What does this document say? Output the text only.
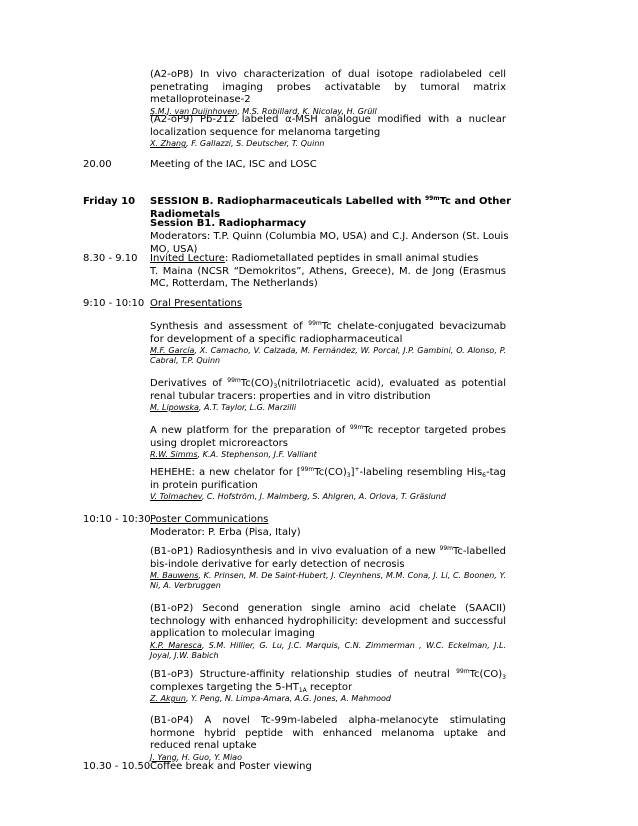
(A2-oP8) In vivo characterization of dual isotope radiolabeled cell penetrating imaging probes activatable by tumoral matrix metalloproteinase-2
S.M.J. van Duijnhoven, M.S. Robillard, K. Nicolay, H. Grüll
(A2-oP9) Pb-212 labeled α-MSH analogue modified with a nuclear localization sequence for melanoma targeting
X. Zhang, F. Gallazzi, S. Deutscher, T. Quinn
20.00	Meeting of the IAC, ISC and LOSC
Friday 10 SESSION B. Radiopharmaceuticals Labelled with $^{99m}$Tc and Other Radiometals
Session B1. Radiopharmacy
Moderators: T.P. Quinn (Columbia MO, USA) and C.J. Anderson (St. Louis MO, USA)
8.30 - 9.10 Invited Lecture: Radiometallated peptides in small animal studies
T. Maina (NCSR “Demokritos”, Athens, Greece), M. de Jong (Erasmus MC, Rotterdam, The Netherlands)
9:10 - 10:10 Oral Presentations
Synthesis and assessment of $^{99m}$Tc chelate-conjugated bevacizumab for development of a specific radiopharmaceutical
M.F. García, X. Camacho, V. Calzada, M. Fernández, W. Porcal, J.P. Gambini, O. Alonso, P. Cabral, T.P. Quinn
Derivatives of $^{99m}Tc(CO)_3(nitrilotriacetic$ acid), evaluated as potential renal tubular tracers: properties and in vitro distribution
M. Lipowska, A.T. Taylor, L.G. Marzilli
A new platform for the preparation of $^{99m}$Tc receptor targeted probes using droplet microreactors
R.W. Simms, K.A. Stephenson, J.F. Valliant
HEHEHE: a new chelator for $[^{99m}Tc(CO)_3]^+$-labeling resembling His$_6$-tag in protein purification
V. Tolmachev, C. Hofström, J. Malmberg, S. Ahlgren, A. Orlova, T. Gräslund
10:10 - 10:30 Poster Communications
Moderator: P. Erba (Pisa, Italy)
(B1-oP1) Radiosynthesis and in vivo evaluation of a new $^{99m}$Tc-labelled bis-indole derivative for early detection of necrosis
M. Bauwens, K. Prinsen, M. De Saint-Hubert, J. Cleynhens, M.M. Cona, J. Li, C. Boonen, Y. Ni, A. Verbruggen
(B1-oP2) Second generation single amino acid chelate (SAACII) technology with enhanced hydrophilicity: development and successful application to molecular imaging
K.P. Maresca, S.M. Hillier, G. Lu, J.C. Marquis, C.N. Zimmerman , W.C. Eckelman, J.L. Joyal, J.W. Babich
(B1-oP3) Structure-affinity relationship studies of neutral $^{99m}Tc(CO)_3$ complexes targeting the $5-HT_{1A}$ receptor
Z. Akgun, Y. Peng, N. Limpa-Amara, A.G. Jones, A. Mahmood
(B1-oP4) A novel Tc-99m-labeled alpha-melanocyte stimulating hormone hybrid peptide with enhanced melanoma uptake and reduced renal uptake
J. Yang, H. Guo, Y. Miao
10.30 - 10.50 Coffee break and Poster viewing
